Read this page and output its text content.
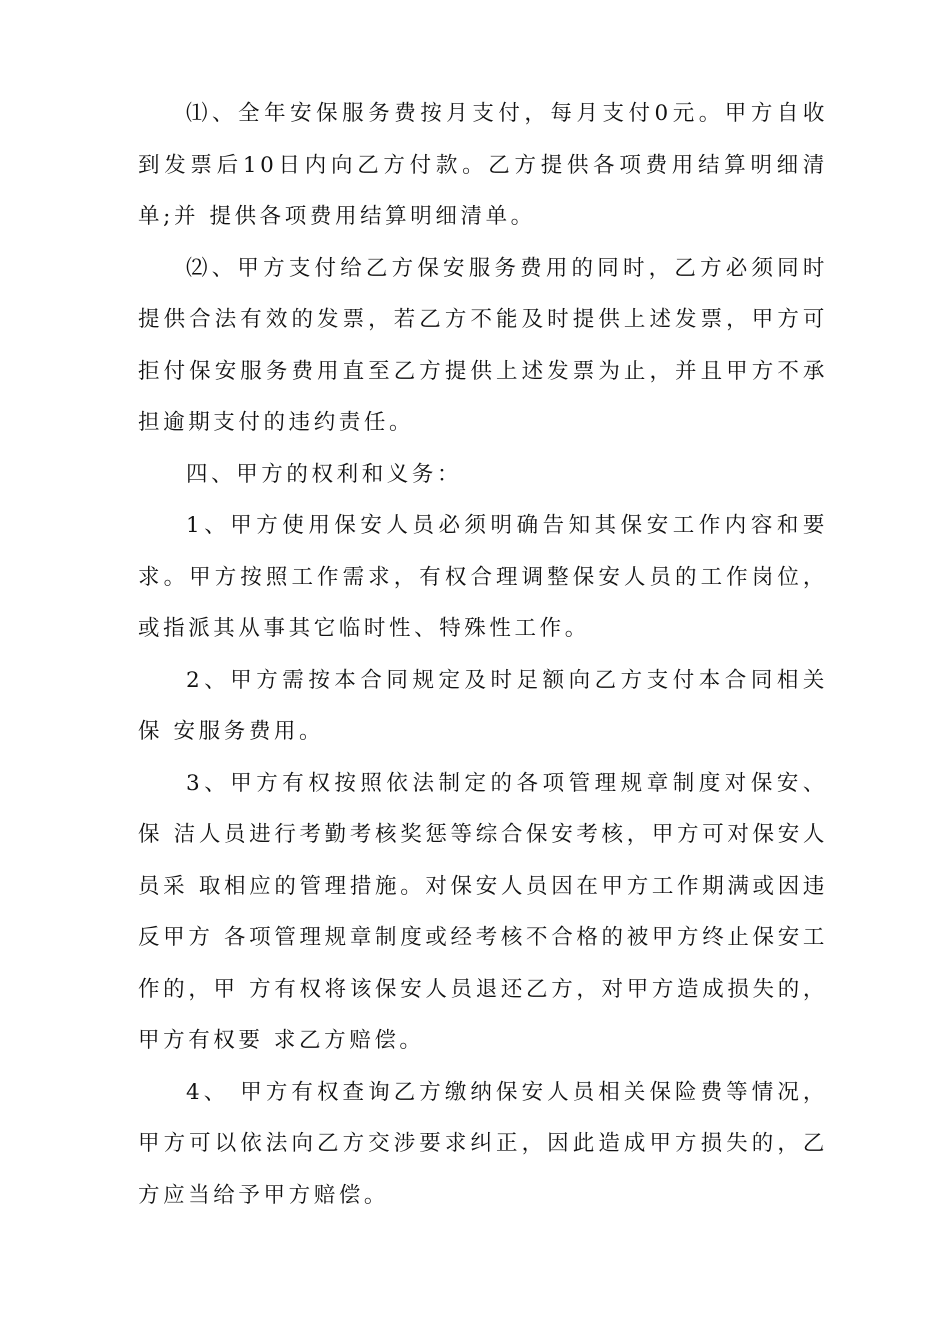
⑴、全年安保服务费按月支付，每月支付0元。甲方自收到发票后10日内向乙方付款。乙方提供各项费用结算明细清单;并 提供各项费用结算明细清单。

⑵、甲方支付给乙方保安服务费用的同时，乙方必须同时提供合法有效的发票，若乙方不能及时提供上述发票，甲方可拒付保安服务费用直至乙方提供上述发票为止，并且甲方不承担逾期支付的违约责任。

四、甲方的权利和义务：

1、甲方使用保安人员必须明确告知其保安工作内容和要求。甲方按照工作需求，有权合理调整保安人员的工作岗位，或指派其从事其它临时性、特殊性工作。

2、甲方需按本合同规定及时足额向乙方支付本合同相关保 安服务费用。

3、甲方有权按照依法制定的各项管理规章制度对保安、保 洁人员进行考勤考核奖惩等综合保安考核，甲方可对保安人员采 取相应的管理措施。对保安人员因在甲方工作期满或因违反甲方 各项管理规章制度或经考核不合格的被甲方终止保安工作的，甲 方有权将该保安人员退还乙方，对甲方造成损失的，甲方有权要 求乙方赔偿。

4、 甲方有权查询乙方缴纳保安人员相关保险费等情况，甲方可以依法向乙方交涉要求纠正，因此造成甲方损失的，乙方应当给予甲方赔偿。
